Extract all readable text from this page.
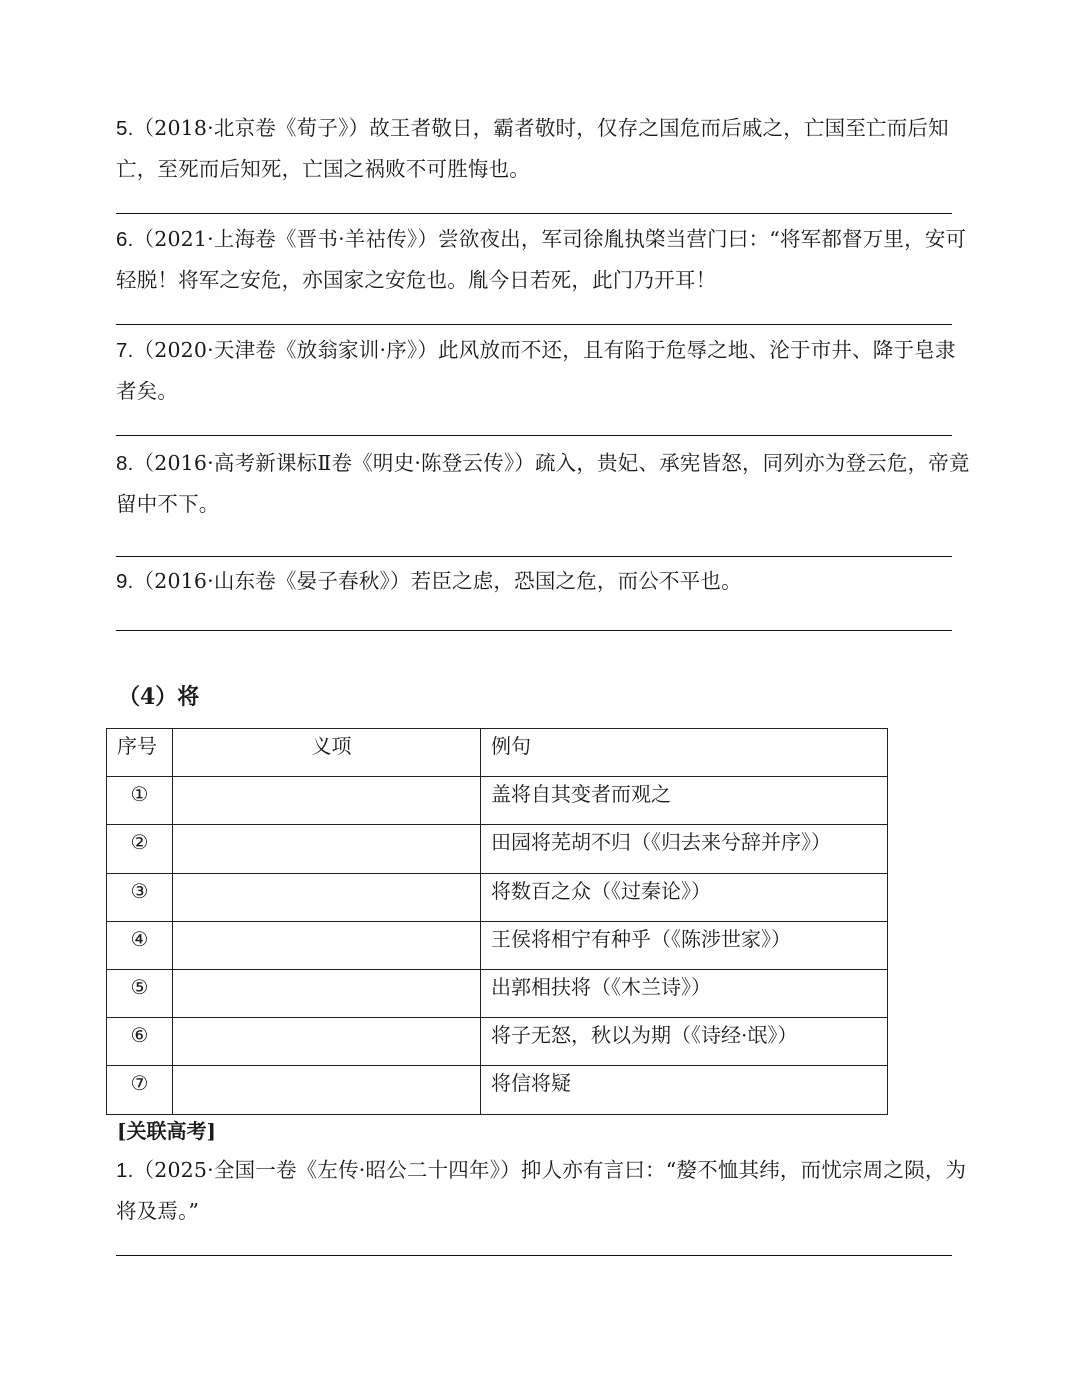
5.（2018·北京卷《荀子》）故王者敬日，霸者敬时，仅存之国危而后戚之，亡国至亡而后知亡，至死而后知死，亡国之祸败不可胜悔也。
6.（2021·上海卷《晋书·羊祜传》）尝欲夜出，军司徐胤执棨当营门曰：“将军都督万里，安可轻脱！将军之安危，亦国家之安危也。胤今日若死，此门乃开耳！
7.（2020·天津卷《放翁家训·序》）此风放而不还，且有陷于危辱之地、沦于市井、降于皂隶者矣。
8.（2016·高考新课标Ⅱ卷《明史·陈登云传》）疏入，贵妃、承宪皆怒，同列亦为登云危，帝竟留中不下。
9.（2016·山东卷《晏子春秋》）若臣之虑，恐国之危，而公不平也。
（4）将
序号	义项	例句
①		盖将自其变者而观之
②		田园将芜胡不归（《归去来兮辞并序》）
③		将数百之众（《过秦论》）
④		王侯将相宁有种乎（《陈涉世家》）
⑤		出郭相扶将（《木兰诗》）
⑥		将子无怒，秋以为期（《诗经·氓》）
⑦		将信将疑
[关联高考]
1.（2025·全国一卷《左传·昭公二十四年》）抑人亦有言曰：“嫠不恤其纬，而忧宗周之陨，为将及焉。”
